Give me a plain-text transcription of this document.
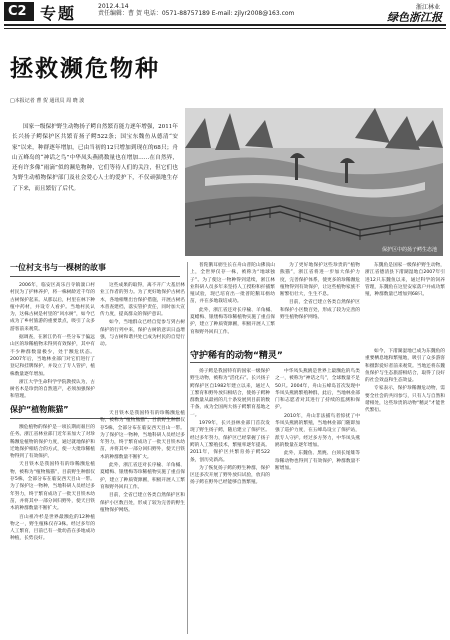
C2 专题	2012.4.14
责任编辑：曹 贺 电话：0571-88757189 E-mail: zjlyr2008@163.com
浙江林业
绿色浙江报
拯救濒危物种
□本报记者 曹 贺 通讯员 周 晓 波
国家一级保护野生动物扬子鳄自然繁育能力逐年增强，2011年长兴扬子鳄保护区共繁育扬子鳄522条；国宝东魏鱼从德清“安家”以来，种群逐年增加，已由当初的12只增加到现在的68只；舟山五峰岛的“神话之鸟”中华凤头燕鸥数量也在增加……在自然界，还有许多像“雨滴”似的濒危物种，它们等待人们的关注，但它们也为野生动植物保护部门及社会爱心人士的爱护下，不仅顽强地生存了下来，而且繁衍了后代。
保护区中的扬子鳄生态池
一位村支书与一棵树的故事

2006年，临安区高乐百寺镇湍口村村民为了护林养护，将一株树龄近千年的古树保护起来。从那以后，村里在林下种植中药材，并设专人看护。当地村民认为，这株古树是村里的“风水树”，如今已成为了乡村旅游的重要景点，吸引了众多游客前来观赏。

据调查，在浙江仍有一些分布于偏远山区的珍稀植物未得到有效保护，其中有不少种群数量极少，处于濒危状态。2007年后，当地林业部门对它们进行了登记和挂牌保护，并设立了专人管护，植株数量逐年增加。

浙江大学生命科学学院教授认为，古树名木是珍贵的自然遗产，必须加强保护和管理。

这些成果的取得，离不开广大基层林业工作者的努力。为了更好地保护古树名木，各地相继出台保护措施，开展古树名木普查建档，落实管护责任，同时加大宣传力度，提高群众的保护意识。

如今，当地群众已经自觉参与到古树保护的行列中来，保护古树的意识日益增强，与古树和谐共处已成为村民的自觉行动。

普陀鹅耳枥生长在舟山普陀山佛顶山上，全世界仅存一株，被称为“地球独子”。为了使这一物种得到延续，浙江林业科研人员多年来坚持人工授粉和扦插繁殖试验，现已培育出一批普陀鹅耳枥幼苗，并在多地栽培成功。

此外，浙江省还对长序榆、羊角槭、夏蜡梅、银缕梅等珍稀植物实施了重点保护，建立了种质资源圃，积极开展人工繁育和野外回归工作。

为了更好地保护这些珍贵的“植物熊猫”，浙江省将进一步加大保护力度，完善保护体系，使更多的珍稀濒危植物得到有效保护，让这些植物家族不断繁衍壮大，生生不息。

目前，全省已建立各类自然保护区和保护小区数百处，形成了较为完善的野生植物保护网络。

东魏鱼是国家一级保护野生动物，浙江省德清县下渚湖湿地自2007年引进12只东魏鱼以来，通过科学的饲养管理，东魏鱼在这里安家落户并成功繁殖，种群数量已增加到68只。

保护“植物熊猫”

濒危植物的保护是一项长期而艰巨的任务。浙江省林业部门近年来加大了对珍稀濒危植物的保护力度，通过就地保护和迁地保护相结合的方式，使一大批珍稀植物得到了有效保护。

天目铁木是我国特有的珍稀濒危植物，被称为“植物熊猫”，目前野生种群仅存5株，全部分布在临安西天目山一带。为了保护这一物种，当地科研人员经过多年努力，终于繁育成功了一批天目铁木幼苗，并将其中一部分回归野外，使天目铁木的种群数量不断扩大。

百山祖冷杉是世界最濒危的12种植物之一，野生植株仅存3株。经过多年的人工繁育，目前已有一批幼苗在多地成功种植，长势良好。

天目铁木是我国特有的珍稀濒危植物，被称为“植物熊猫”，目前野生种群仅存5株，全部分布在临安西天目山一带。为了保护这一物种，当地科研人员经过多年努力，终于繁育成功了一批天目铁木幼苗，并将其中一部分回归野外，使天目铁木的种群数量不断扩大。

此外，浙江省还对长序榆、羊角槭、夏蜡梅、银缕梅等珍稀植物实施了重点保护，建立了种质资源圃，积极开展人工繁育和野外回归工作。

目前，全省已建立各类自然保护区和保护小区数百处，形成了较为完善的野生植物保护网络。

守护稀有的动物“精灵”

扬子鳄是我国特有的国家一级保护野生动物，被称为“活化石”。长兴扬子鳄保护区自1982年建立以来，通过人工繁育和野外放归相结合，使扬子鳄种群数量从最初的几十条发展到目前的数千条，成为全国两大扬子鳄繁育基地之一。

1979年，长兴县林业部门首次发现了野生扬子鳄，随后建立了保护区。经过多年努力，保护区已经掌握了扬子鳄的人工繁殖技术，繁殖率逐年提高。2011年，保护区共繁育扬子鳄522条，创历史新高。

为了恢复扬子鳄的野生种群，保护区还多次开展了野外放归试验，放归的扬子鳄在野外已经能够自然繁殖。

中华凤头燕鸥是世界上最濒危的鸟类之一，被称为“神话之鸟”，全球数量不足50只。2004年，舟山五峰岛首次发现中华凤头燕鸥繁殖种群，此后，当地林业部门和志愿者对其进行了持续的监测和保护。

2010年，舟山非法捕鸟者惊扰了中华凤头燕鸥的繁殖，当地林业部门随即加强了巡护力度，在五峰岛设立了保护站，派专人守护。经过多方努力，中华凤头燕鸥的数量在逐年增加。

此外，东魏鱼、黑麂、白颈长尾雉等珍稀动物也得到了有效保护，种群数量不断增加。

如今，下渚湖湿地已成为东魏鱼的重要栖息地和繁殖地，吸引了众多游客和摄影爱好者前来观赏。当地还将东魏鱼保护与生态旅游相结合，取得了良好的社会效益和生态效益。

专家表示，保护珍稀濒危动物，需要全社会的共同参与，只有人与自然和谐相处，这些珍贵的动物“精灵”才能世代繁衍。
